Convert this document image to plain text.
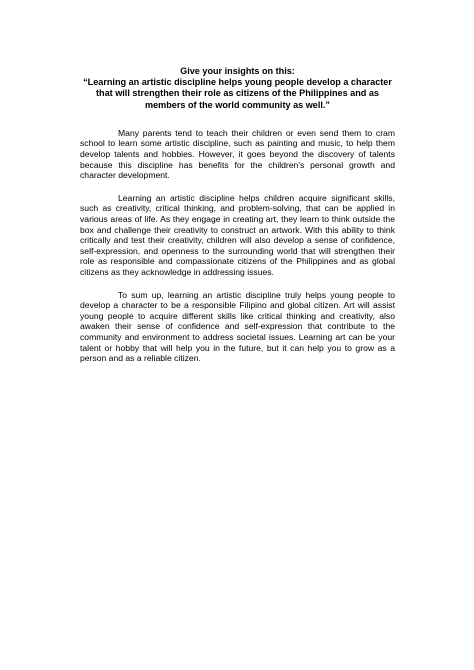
Give your insights on this:
“Learning an artistic discipline helps young people develop a character that will strengthen their role as citizens of the Philippines and as members of the world community as well.”

Many parents tend to teach their children or even send them to cram school to learn some artistic discipline, such as painting and music, to help them develop talents and hobbies. However, it goes beyond the discovery of talents because this discipline has benefits for the children's personal growth and character development.

Learning an artistic discipline helps children acquire significant skills, such as creativity, critical thinking, and problem-solving, that can be applied in various areas of life. As they engage in creating art, they learn to think outside the box and challenge their creativity to construct an artwork. With this ability to think critically and test their creativity, children will also develop a sense of confidence, self-expression, and openness to the surrounding world that will strengthen their role as responsible and compassionate citizens of the Philippines and as global citizens as they acknowledge in addressing issues.

To sum up, learning an artistic discipline truly helps young people to develop a character to be a responsible Filipino and global citizen. Art will assist young people to acquire different skills like critical thinking and creativity, also awaken their sense of confidence and self-expression that contribute to the community and environment to address societal issues. Learning art can be your talent or hobby that will help you in the future, but it can help you to grow as a person and as a reliable citizen.
